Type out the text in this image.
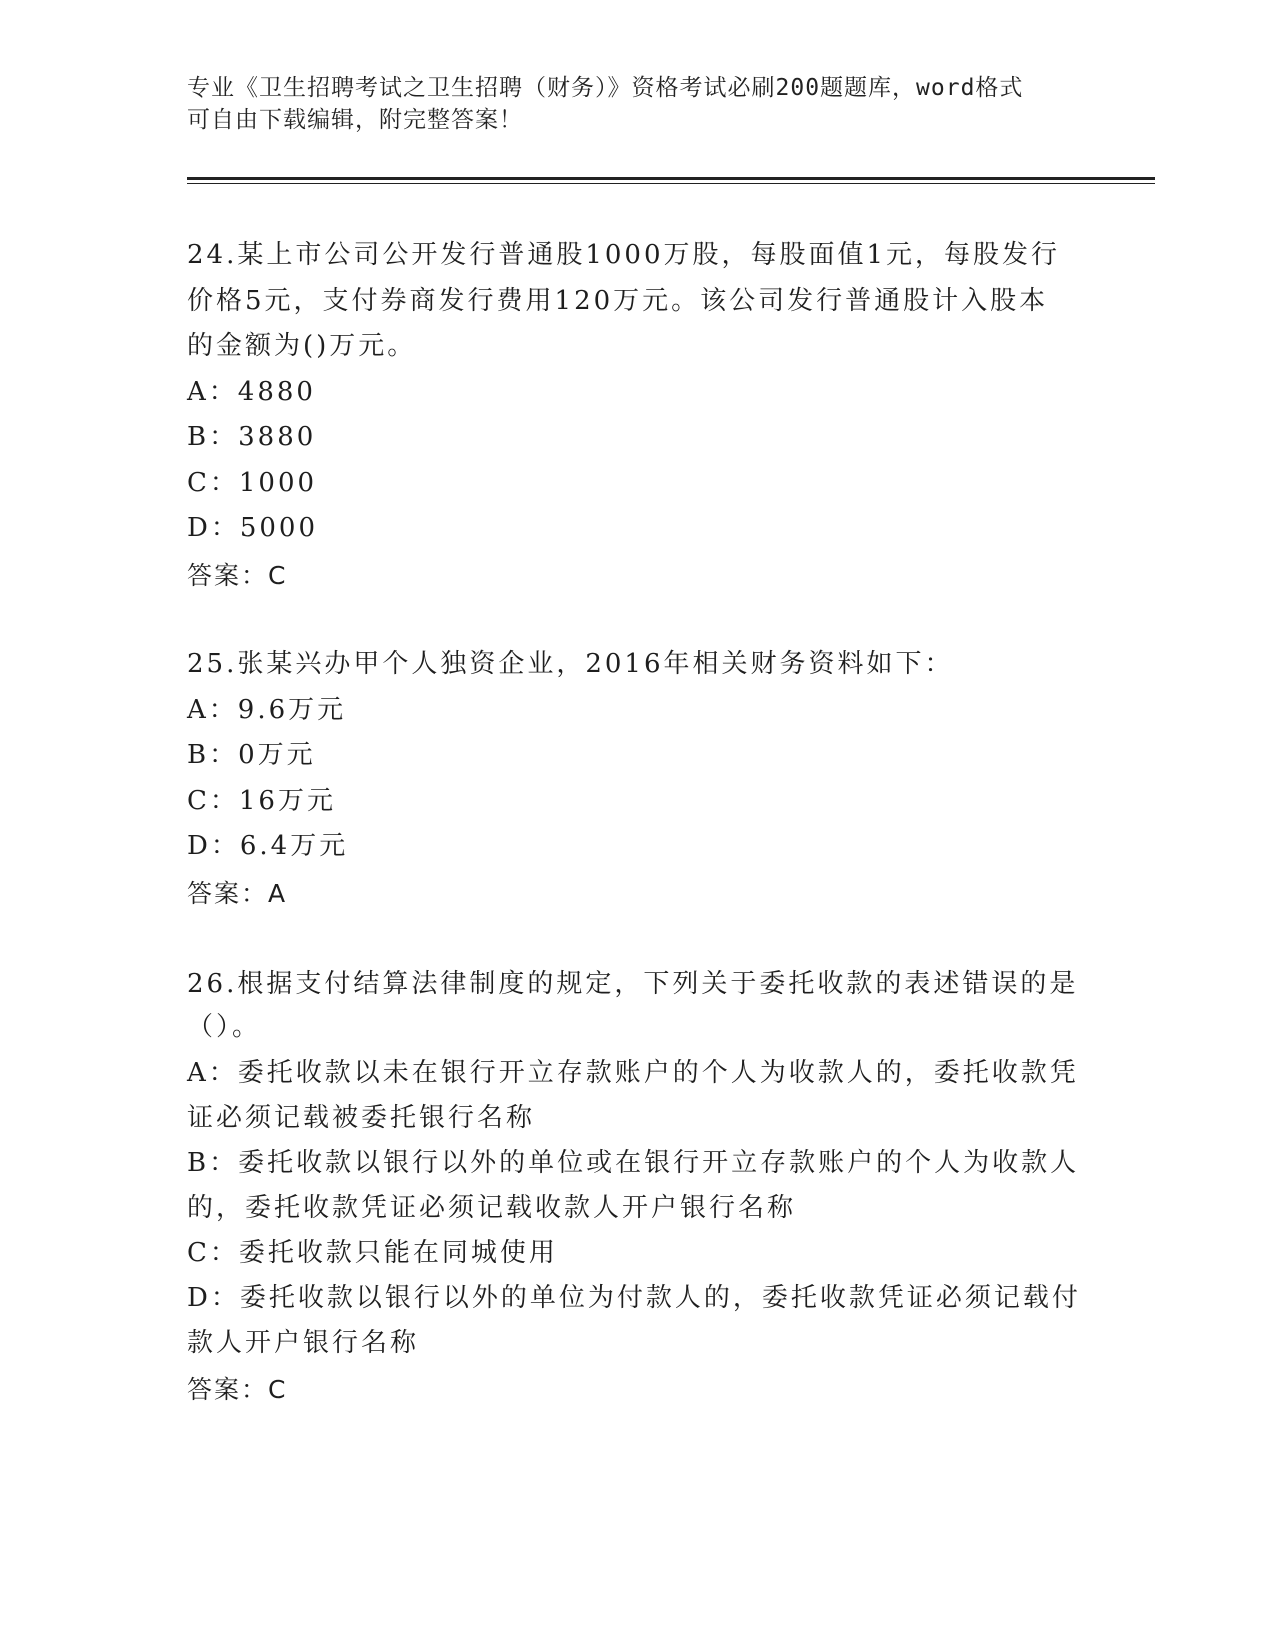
专业《卫生招聘考试之卫生招聘（财务）》资格考试必刷200题题库，word格式
可自由下载编辑，附完整答案！
24.某上市公司公开发行普通股1000万股，每股面值1元，每股发行
价格5元，支付券商发行费用120万元。该公司发行普通股计入股本
的金额为()万元。
A：4880
B：3880
C：1000
D：5000
答案：C
25.张某兴办甲个人独资企业，2016年相关财务资料如下：
A：9.6万元
B：0万元
C：16万元
D：6.4万元
答案：A
26.根据支付结算法律制度的规定，下列关于委托收款的表述错误的是
（）。
A：委托收款以未在银行开立存款账户的个人为收款人的，委托收款凭
证必须记载被委托银行名称
B：委托收款以银行以外的单位或在银行开立存款账户的个人为收款人
的，委托收款凭证必须记载收款人开户银行名称
C：委托收款只能在同城使用
D：委托收款以银行以外的单位为付款人的，委托收款凭证必须记载付
款人开户银行名称
答案：C
